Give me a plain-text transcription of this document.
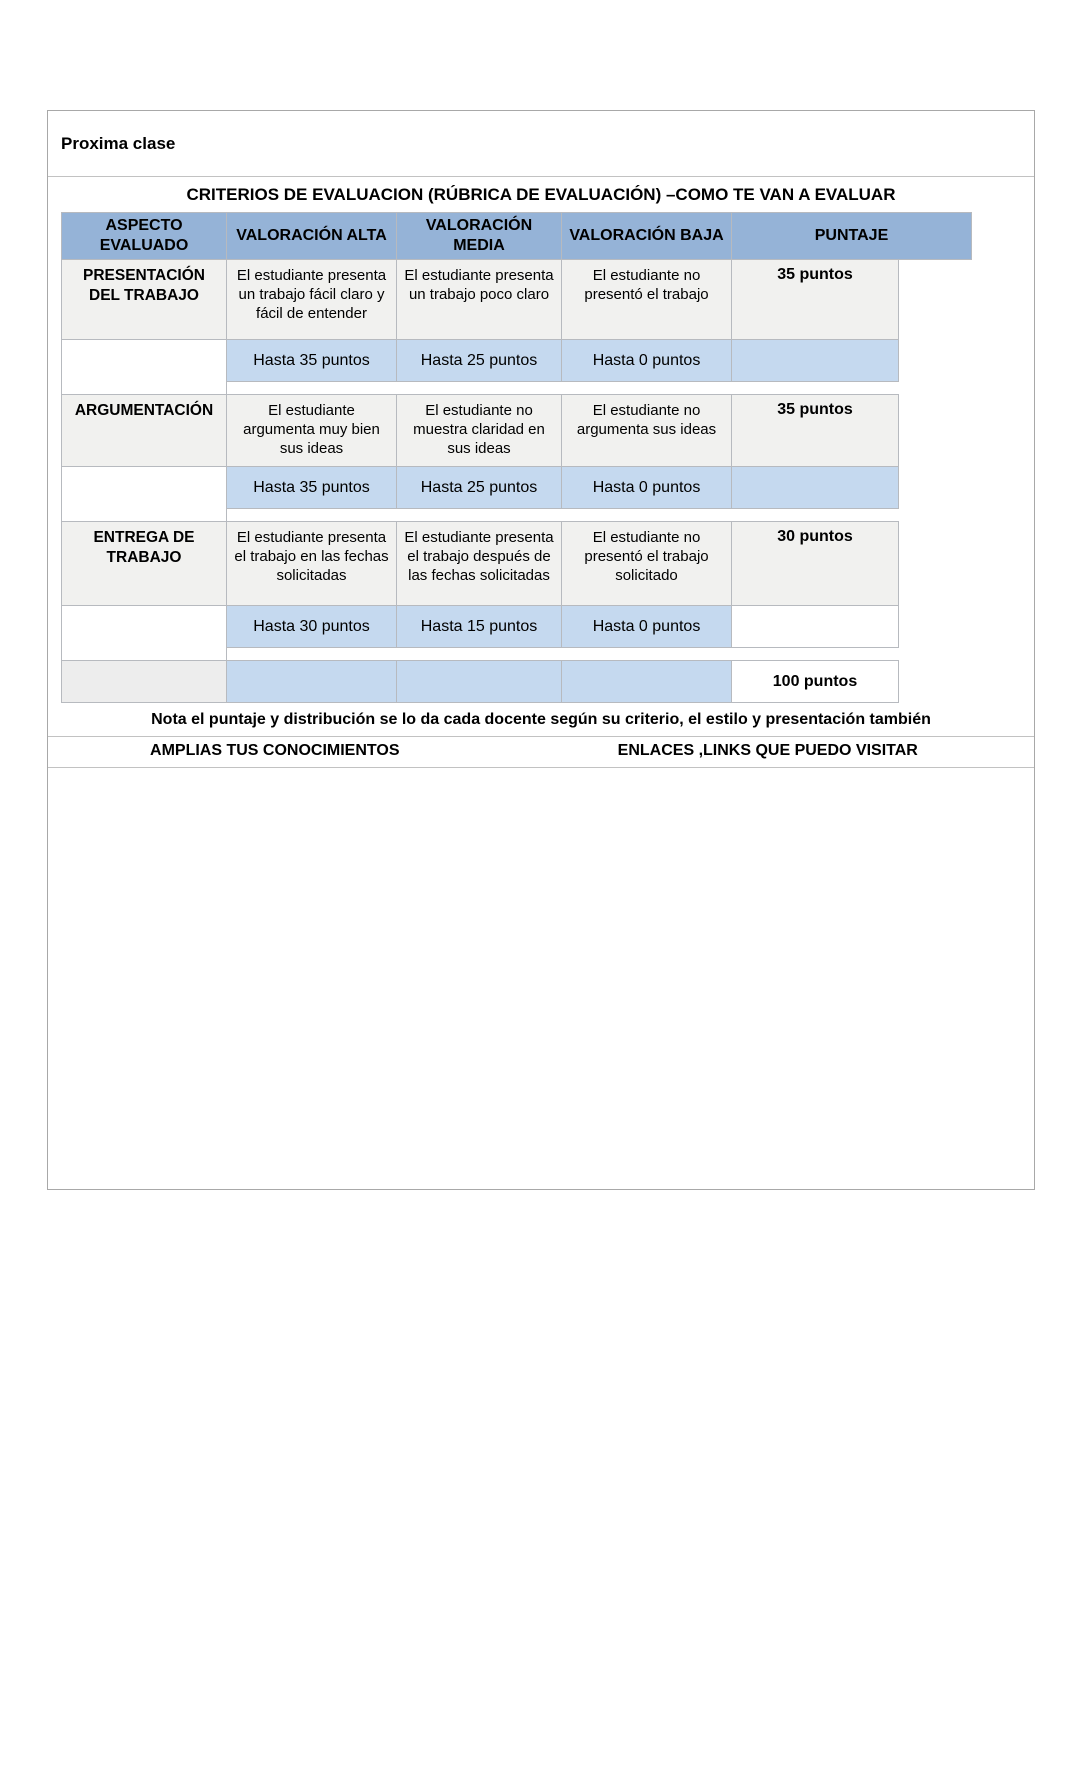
Proxima clase
CRITERIOS DE EVALUACION (RÚBRICA DE EVALUACIÓN) –COMO TE VAN A EVALUAR
ASPECTO EVALUADO	VALORACIÓN ALTA	VALORACIÓN MEDIA	VALORACIÓN BAJA	PUNTAJE	
PRESENTACIÓN DEL TRABAJO	El estudiante presenta un trabajo fácil claro y fácil de entender	El estudiante presenta un trabajo poco claro	El estudiante no presentó el trabajo	35 puntos	
	Hasta 35 puntos	Hasta 25 puntos	Hasta 0 puntos		

ARGUMENTACIÓN	El estudiante argumenta muy bien sus ideas	El estudiante no muestra claridad en sus ideas	El estudiante no argumenta sus ideas	35 puntos	
	Hasta 35 puntos	Hasta 25 puntos	Hasta 0 puntos		

ENTREGA DE TRABAJO	El estudiante presenta el trabajo en las fechas solicitadas	El estudiante presenta el trabajo después de las fechas solicitadas	El estudiante no presentó el trabajo solicitado	30 puntos	
	Hasta 30 puntos	Hasta 15 puntos	Hasta 0 puntos		

				100 puntos	
Nota el puntaje y distribución se lo da cada docente según su criterio, el estilo y presentación también
AMPLIAS TUS CONOCIMIENTOS	ENLACES ,LINKS QUE PUEDO VISITAR
